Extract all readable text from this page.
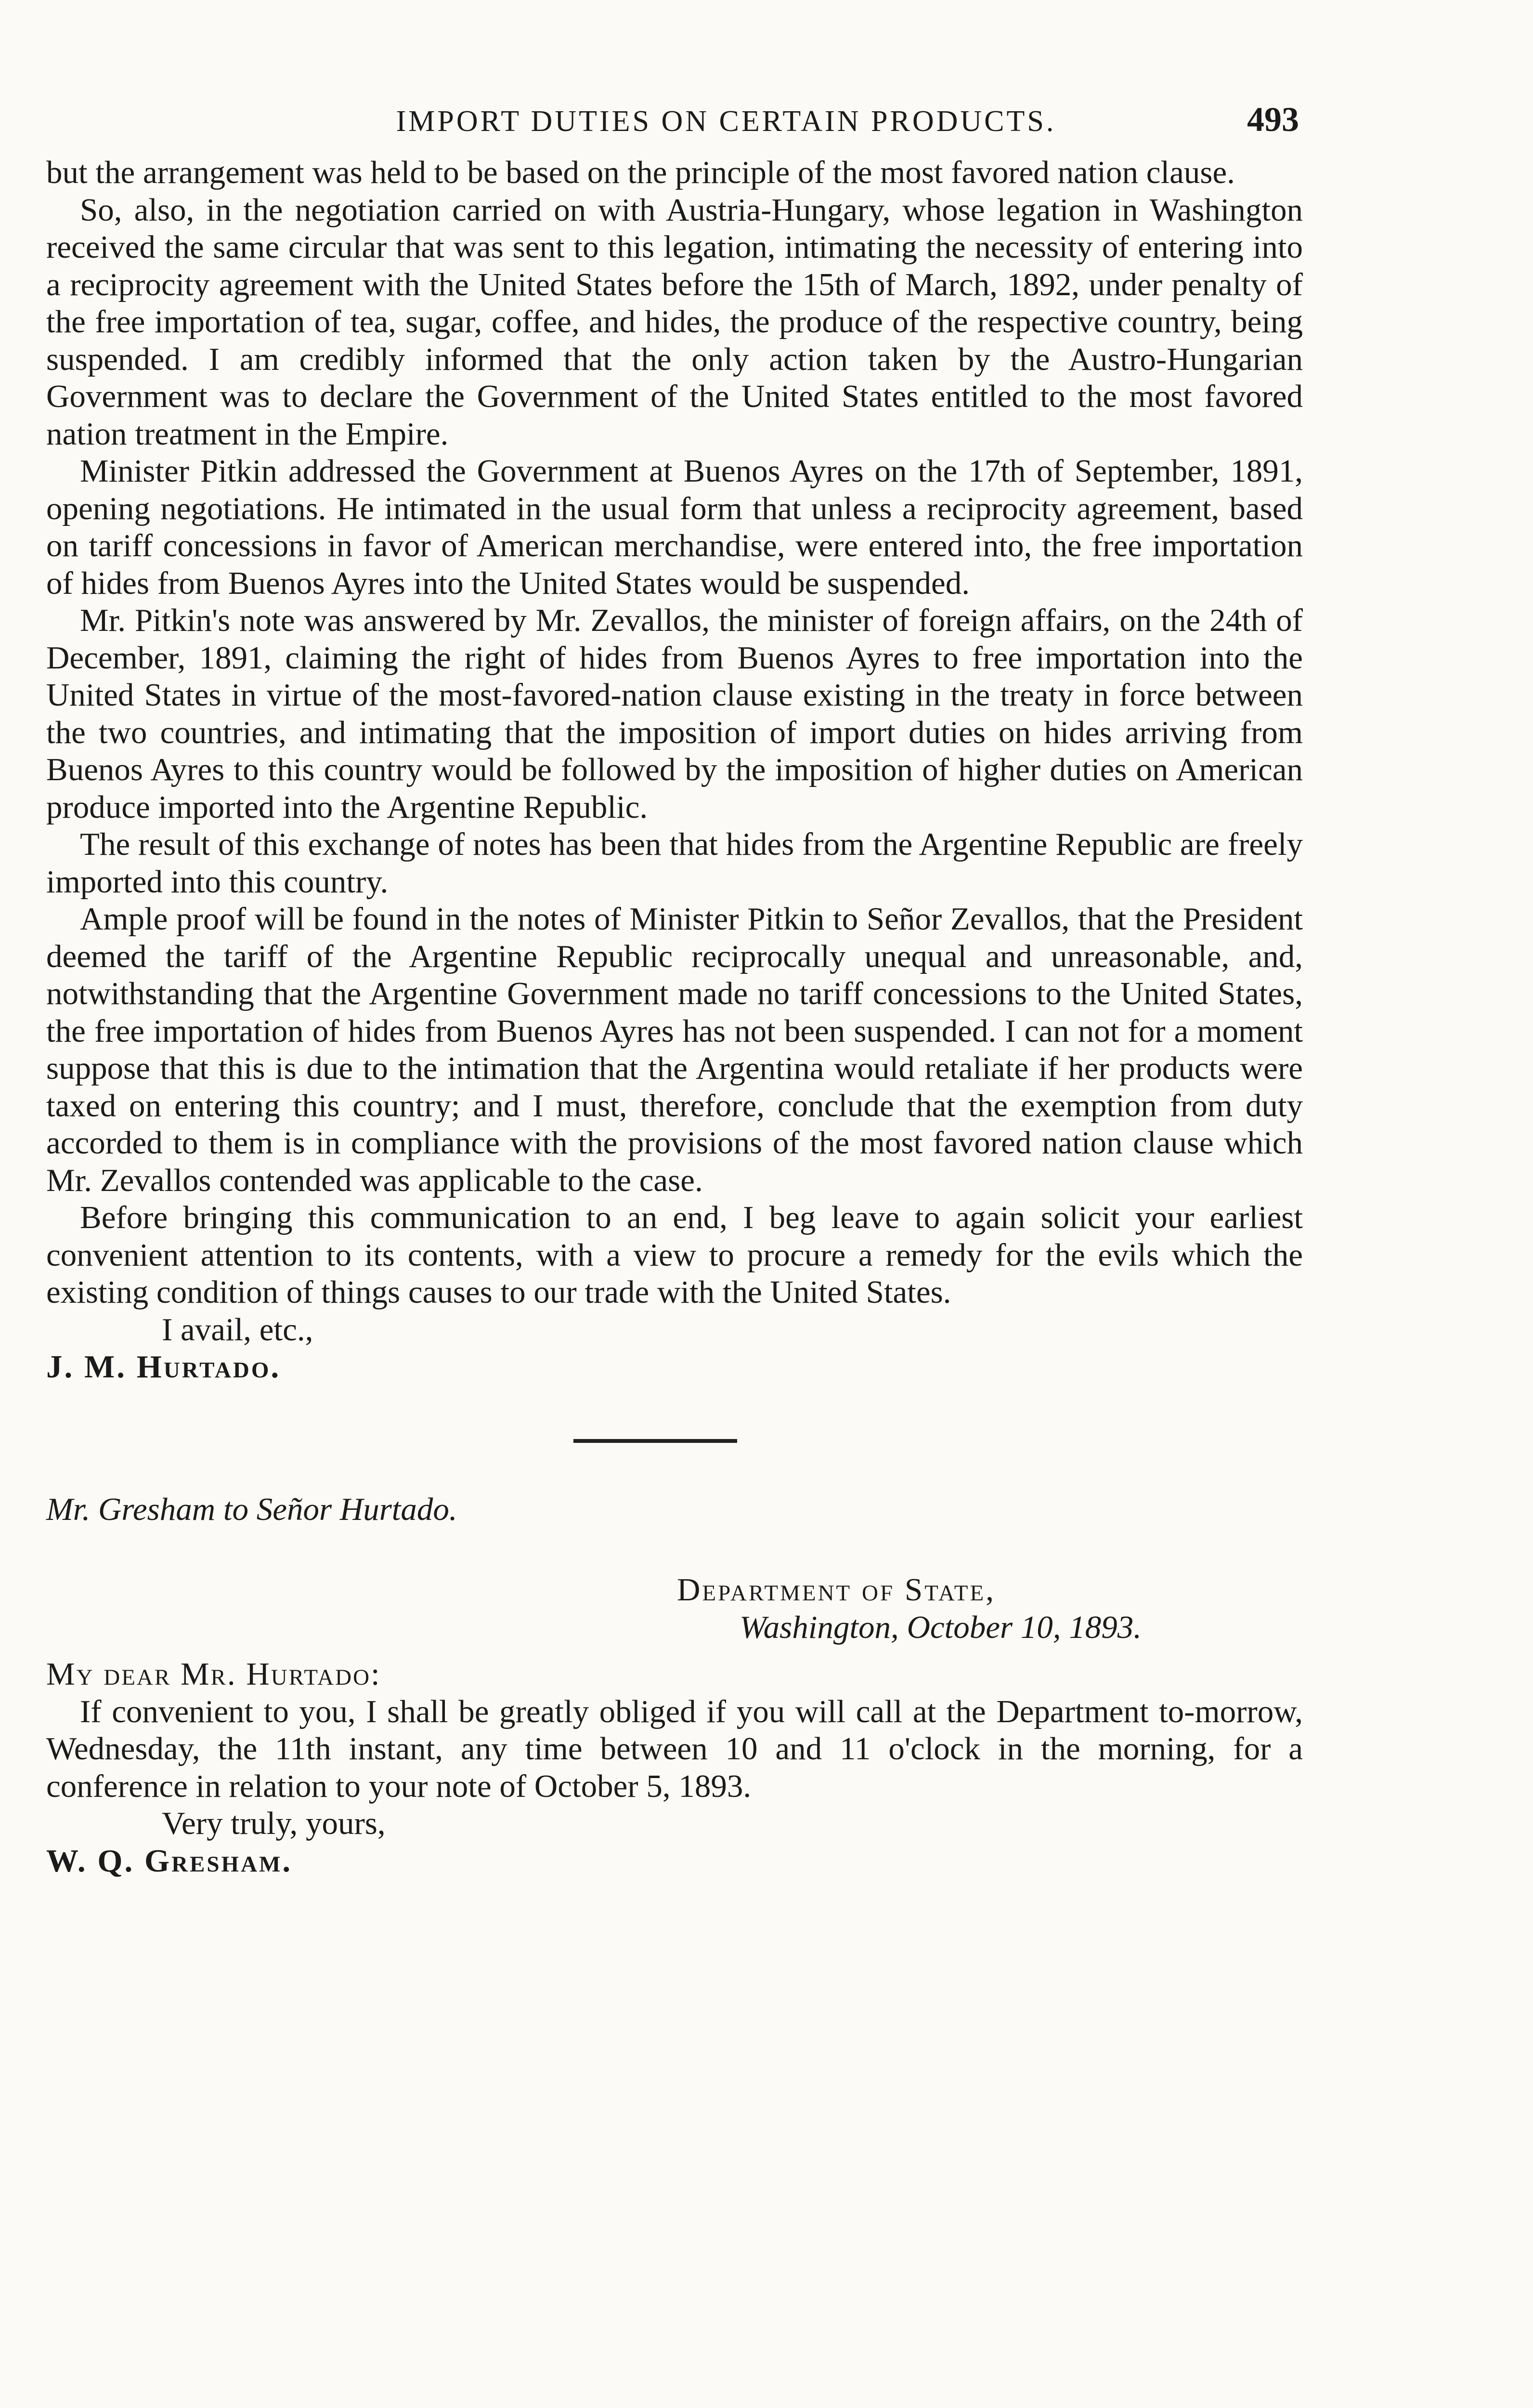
IMPORT DUTIES ON CERTAIN PRODUCTS.	493

but the arrangement was held to be based on the principle of the most favored nation clause.

So, also, in the negotiation carried on with Austria-Hungary, whose legation in Washington received the same circular that was sent to this legation, intimating the necessity of entering into a reciprocity agreement with the United States before the 15th of March, 1892, under penalty of the free importation of tea, sugar, coffee, and hides, the produce of the respective country, being suspended. I am credibly informed that the only action taken by the Austro-Hungarian Government was to declare the Government of the United States entitled to the most favored nation treatment in the Empire.

Minister Pitkin addressed the Government at Buenos Ayres on the 17th of September, 1891, opening negotiations. He intimated in the usual form that unless a reciprocity agreement, based on tariff concessions in favor of American merchandise, were entered into, the free importation of hides from Buenos Ayres into the United States would be suspended.

Mr. Pitkin's note was answered by Mr. Zevallos, the minister of foreign affairs, on the 24th of December, 1891, claiming the right of hides from Buenos Ayres to free importation into the United States in virtue of the most-favored-nation clause existing in the treaty in force between the two countries, and intimating that the imposition of import duties on hides arriving from Buenos Ayres to this country would be followed by the imposition of higher duties on American produce imported into the Argentine Republic.

The result of this exchange of notes has been that hides from the Argentine Republic are freely imported into this country.

Ample proof will be found in the notes of Minister Pitkin to Señor Zevallos, that the President deemed the tariff of the Argentine Republic reciprocally unequal and unreasonable, and, notwithstanding that the Argentine Government made no tariff concessions to the United States, the free importation of hides from Buenos Ayres has not been suspended. I can not for a moment suppose that this is due to the intimation that the Argentina would retaliate if her products were taxed on entering this country; and I must, therefore, conclude that the exemption from duty accorded to them is in compliance with the provisions of the most favored nation clause which Mr. Zevallos contended was applicable to the case.

Before bringing this communication to an end, I beg leave to again solicit your earliest convenient attention to its contents, with a view to procure a remedy for the evils which the existing condition of things causes to our trade with the United States.

I avail, etc.,

J. M. Hurtado.

Mr. Gresham to Señor Hurtado.

Department of State,
Washington, October 10, 1893.

My dear Mr. Hurtado:

If convenient to you, I shall be greatly obliged if you will call at the Department to-morrow, Wednesday, the 11th instant, any time between 10 and 11 o'clock in the morning, for a conference in relation to your note of October 5, 1893.

Very truly, yours,

W. Q. Gresham.
